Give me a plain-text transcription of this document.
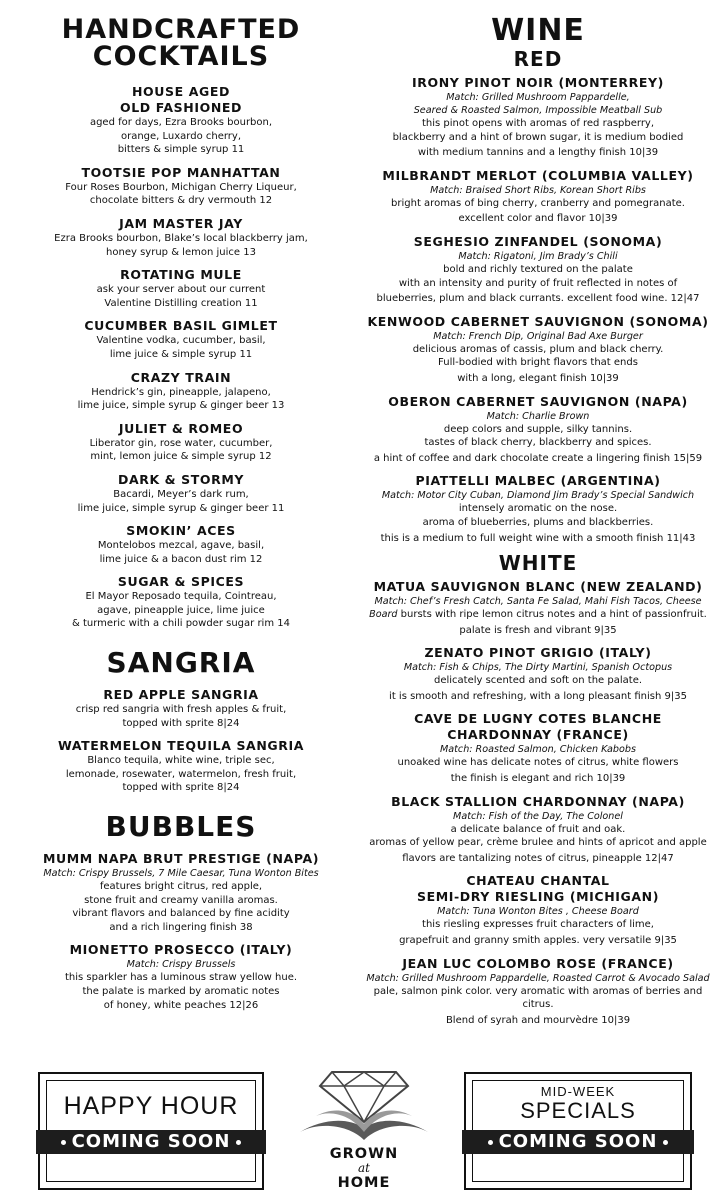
HANDCRAFTED
COCKTAILS
HOUSE AGED
OLD FASHIONED
aged for days, Ezra Brooks bourbon,
orange, Luxardo cherry,
bitters & simple syrup 11
TOOTSIE POP MANHATTAN
Four Roses Bourbon, Michigan Cherry Liqueur,
chocolate bitters & dry vermouth 12
JAM MASTER JAY
Ezra Brooks bourbon, Blake’s local blackberry jam,
honey syrup & lemon juice 13
ROTATING MULE
ask your server about our current
Valentine Distilling creation 11
CUCUMBER BASIL GIMLET
Valentine vodka, cucumber, basil,
lime juice & simple syrup 11
CRAZY TRAIN
Hendrick’s gin, pineapple, jalapeno,
lime juice, simple syrup & ginger beer 13
JULIET & ROMEO
Liberator gin, rose water, cucumber,
mint, lemon juice & simple syrup 12
DARK & STORMY
Bacardi, Meyer’s dark rum,
lime juice, simple syrup & ginger beer 11
SMOKIN’ ACES
Montelobos mezcal, agave, basil,
lime juice & a bacon dust rim 12
SUGAR & SPICES
El Mayor Reposado tequila, Cointreau,
agave, pineapple juice, lime juice
& turmeric with a chili powder sugar rim 14
SANGRIA
RED APPLE SANGRIA
crisp red sangria with fresh apples & fruit,
topped with sprite 8|24
WATERMELON TEQUILA SANGRIA
Blanco tequila, white wine, triple sec,
lemonade, rosewater, watermelon, fresh fruit,
topped with sprite 8|24
BUBBLES
MUMM NAPA BRUT PRESTIGE (NAPA)
Match: Crispy Brussels, 7 Mile Caesar, Tuna Wonton Bites
features bright citrus, red apple,
stone fruit and creamy vanilla aromas.
vibrant flavors and balanced by fine acidity
and a rich lingering finish 38
MIONETTO PROSECCO (ITALY)
Match: Crispy Brussels
this sparkler has a luminous straw yellow hue.
the palate is marked by aromatic notes
of honey, white peaches 12|26
WINE
RED
IRONY PINOT NOIR (MONTERREY)
Match: Grilled Mushroom Pappardelle,
Seared & Roasted Salmon, Impossible Meatball Sub
this pinot opens with aromas of red raspberry,
blackberry and a hint of brown sugar, it is medium bodied
with medium tannins and a lengthy finish 10|39
MILBRANDT MERLOT (COLUMBIA VALLEY)
Match: Braised Short Ribs, Korean Short Ribs
bright aromas of bing cherry, cranberry and pomegranate.
excellent color and flavor 10|39
SEGHESIO ZINFANDEL (SONOMA)
Match: Rigatoni, Jim Brady’s Chili
bold and richly textured on the palate
with an intensity and purity of fruit reflected in notes of
blueberries, plum and black currants. excellent food wine. 12|47
KENWOOD CABERNET SAUVIGNON (SONOMA)
Match: French Dip, Original Bad Axe Burger
delicious aromas of cassis, plum and black cherry.
Full-bodied with bright flavors that ends
with a long, elegant finish 10|39
OBERON CABERNET SAUVIGNON (NAPA)
Match: Charlie Brown
deep colors and supple, silky tannins.
tastes of black cherry, blackberry and spices.
a hint of coffee and dark chocolate create a lingering finish 15|59
PIATTELLI MALBEC (ARGENTINA)
Match: Motor City Cuban, Diamond Jim Brady’s Special Sandwich
intensely aromatic on the nose.
aroma of blueberries, plums and blackberries.
this is a medium to full weight wine with a smooth finish 11|43
WHITE
MATUA SAUVIGNON BLANC (NEW ZEALAND)
Match: Chef’s Fresh Catch, Santa Fe Salad, Mahi Fish Tacos, Cheese
Board bursts with ripe lemon citrus notes and a hint of passionfruit.
palate is fresh and vibrant 9|35
ZENATO PINOT GRIGIO (ITALY)
Match: Fish & Chips, The Dirty Martini, Spanish Octopus
delicately scented and soft on the palate.
it is smooth and refreshing, with a long pleasant finish 9|35
CAVE DE LUGNY COTES BLANCHE
CHARDONNAY (FRANCE)
Match: Roasted Salmon, Chicken Kabobs
unoaked wine has delicate notes of citrus, white flowers
the finish is elegant and rich 10|39
BLACK STALLION CHARDONNAY (NAPA)
Match: Fish of the Day, The Colonel
a delicate balance of fruit and oak.
aromas of yellow pear, crème brulee and hints of apricot and apple
flavors are tantalizing notes of citrus, pineapple 12|47
CHATEAU CHANTAL
SEMI-DRY RIESLING (MICHIGAN)
Match: Tuna Wonton Bites , Cheese Board
this riesling expresses fruit characters of lime,
grapefruit and granny smith apples. very versatile 9|35
JEAN LUC COLOMBO ROSE (FRANCE)
Match: Grilled Mushroom Pappardelle, Roasted Carrot & Avocado Salad
pale, salmon pink color. very aromatic with aromas of berries and citrus.
Blend of syrah and mourvèdre 10|39
HAPPY HOUR
COMING SOON
GROWN
at
HOME
MID-WEEK
SPECIALS
COMING SOON
